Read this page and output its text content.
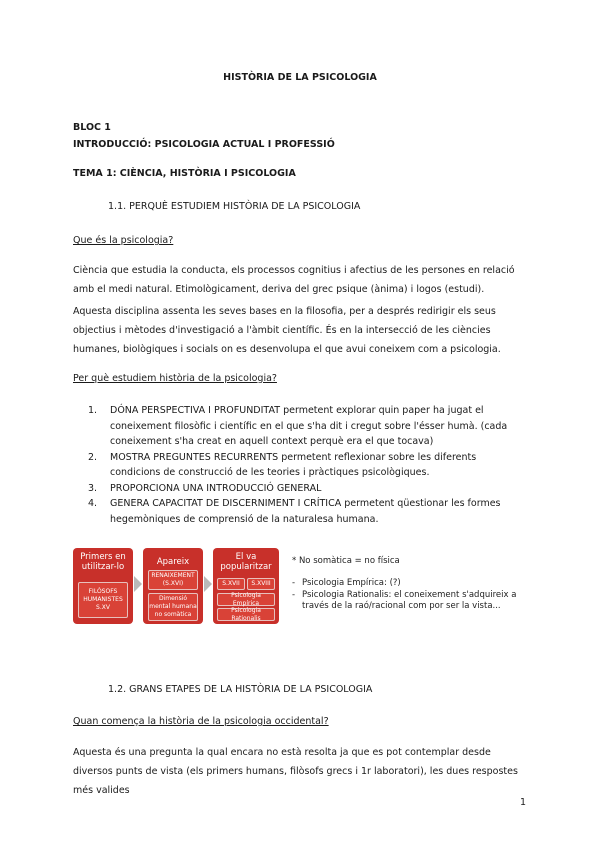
HISTÒRIA DE LA PSICOLOGIA
BLOC 1
INTRODUCCIÓ: PSICOLOGIA ACTUAL I PROFESSIÓ
TEMA 1: CIÈNCIA, HISTÒRIA I PSICOLOGIA
1.1. PERQUÈ ESTUDIEM HISTÒRIA DE LA PSICOLOGIA
Que és la psicologia?
Ciència que estudia la conducta, els processos cognitius i afectius de les persones en relació amb el medi natural. Etimològicament, deriva del grec psique (ànima) i logos (estudi).
Aquesta disciplina assenta les seves bases en la filosofia, per a després redirigir els seus objectius i mètodes d'investigació a l'àmbit científic. És en la intersecció de les ciències humanes, biològiques i socials on es desenvolupa el que avui coneixem com a psicologia.
Per què estudiem història de la psicologia?
1. DÓNA PERSPECTIVA I PROFUNDITAT permetent explorar quin paper ha jugat el coneixement filosòfic i científic en el que s'ha dit i cregut sobre l'ésser humà. (cada coneixement s'ha creat en aquell context perquè era el que tocava)
2. MOSTRA PREGUNTES RECURRENTS permetent reflexionar sobre les diferents condicions de construcció de les teories i pràctiques psicològiques.
3. PROPORCIONA UNA INTRODUCCIÓ GENERAL
4. GENERA CAPACITAT DE DISCERNIMENT I CRÍTICA permetent qüestionar les formes hegemòniques de comprensió de la naturalesa humana.
Primers en utilitzar-lo
FILÒSOFS HUMANISTES S.XV
Apareix
RENAIXEMENT (S.XVI)
Dimensió mental humana no somàtica
El va popularitzar
S.XVII S.XVIII
Psicologia Empírica
Psicologia Rationalis
* No somàtica = no física
- Psicologia Empírica: (?)
- Psicologia Rationalis: el coneixement s'adquireix a través de la raó/racional com por ser la vista...
1.2. GRANS ETAPES DE LA HISTÒRIA DE LA PSICOLOGIA
Quan comença la història de la psicologia occidental?
Aquesta és una pregunta la qual encara no està resolta ja que es pot contemplar desde diversos punts de vista (els primers humans, filòsofs grecs i 1r laboratori), les dues respostes més valides
1
